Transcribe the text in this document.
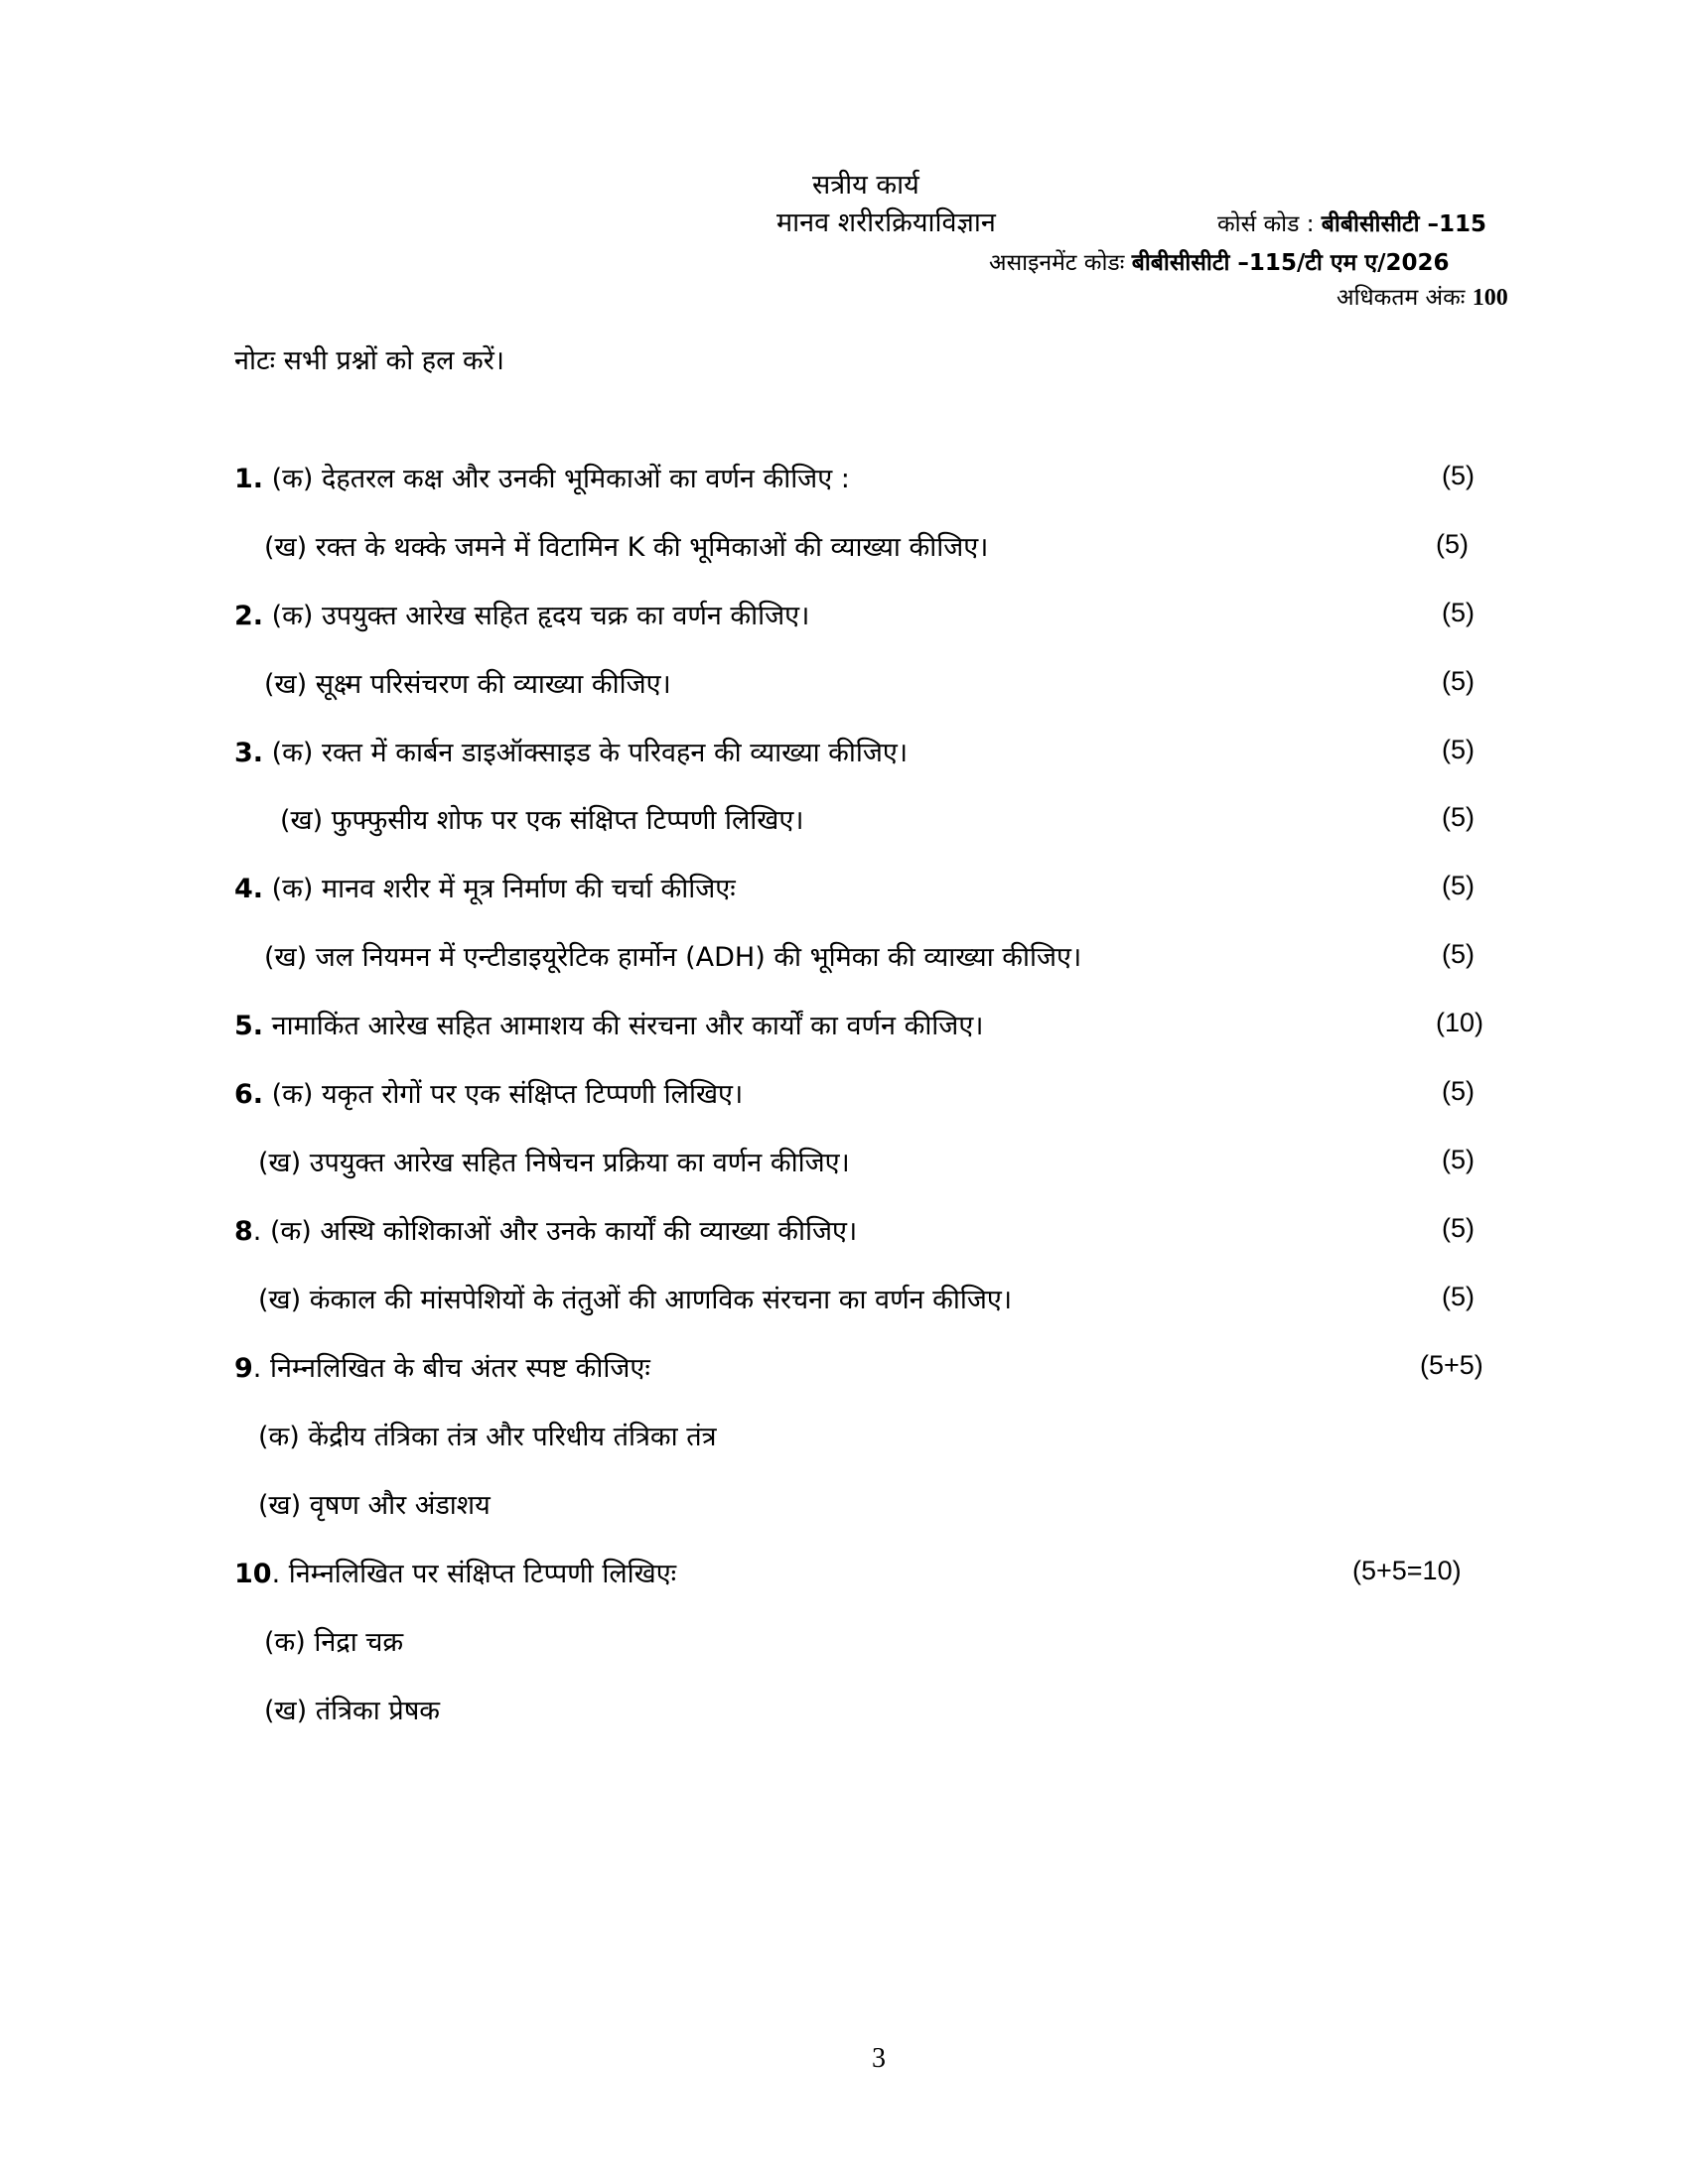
सत्रीय कार्य
मानव शरीरक्रियाविज्ञान	कोर्स कोड : बीबीसीसीटी –115
असाइनमेंट कोडः बीबीसीसीटी –115/टी एम ए/2026
अधिकतम अंकः 100
नोटः सभी प्रश्नों को हल करें।
1. (क) देहतरल कक्ष और उनकी भूमिकाओं का वर्णन कीजिए :	(5)
(ख) रक्त के थक्के जमने में विटामिन K की भूमिकाओं की व्याख्या कीजिए।	(5)
2. (क) उपयुक्त आरेख सहित हृदय चक्र का वर्णन कीजिए।	(5)
(ख) सूक्ष्म परिसंचरण की व्याख्या कीजिए।	(5)
3. (क) रक्त में कार्बन डाइऑक्साइड के परिवहन की व्याख्या कीजिए।	(5)
(ख) फुफ्फुसीय शोफ पर एक संक्षिप्त टिप्पणी लिखिए।	(5)
4. (क) मानव शरीर में मूत्र निर्माण की चर्चा कीजिएः	(5)
(ख) जल नियमन में एन्टीडाइयूरेटिक हार्मोन (ADH) की भूमिका की व्याख्या कीजिए।	(5)
5. नामाकिंत आरेख सहित आमाशय की संरचना और कार्यों का वर्णन कीजिए।	(10)
6. (क) यकृत रोगों पर एक संक्षिप्त टिप्पणी लिखिए।	(5)
(ख) उपयुक्त आरेख सहित निषेचन प्रक्रिया का वर्णन कीजिए।	(5)
8. (क) अस्थि कोशिकाओं और उनके कार्यों की व्याख्या कीजिए।	(5)
(ख) कंकाल की मांसपेशियों के तंतुओं की आणविक संरचना का वर्णन कीजिए।	(5)
9. निम्नलिखित के बीच अंतर स्पष्ट कीजिएः	(5+5)
(क) केंद्रीय तंत्रिका तंत्र और परिधीय तंत्रिका तंत्र
(ख) वृषण और अंडाशय
10. निम्नलिखित पर संक्षिप्त टिप्पणी लिखिएः	(5+5=10)
(क) निद्रा चक्र
(ख) तंत्रिका प्रेषक
3
